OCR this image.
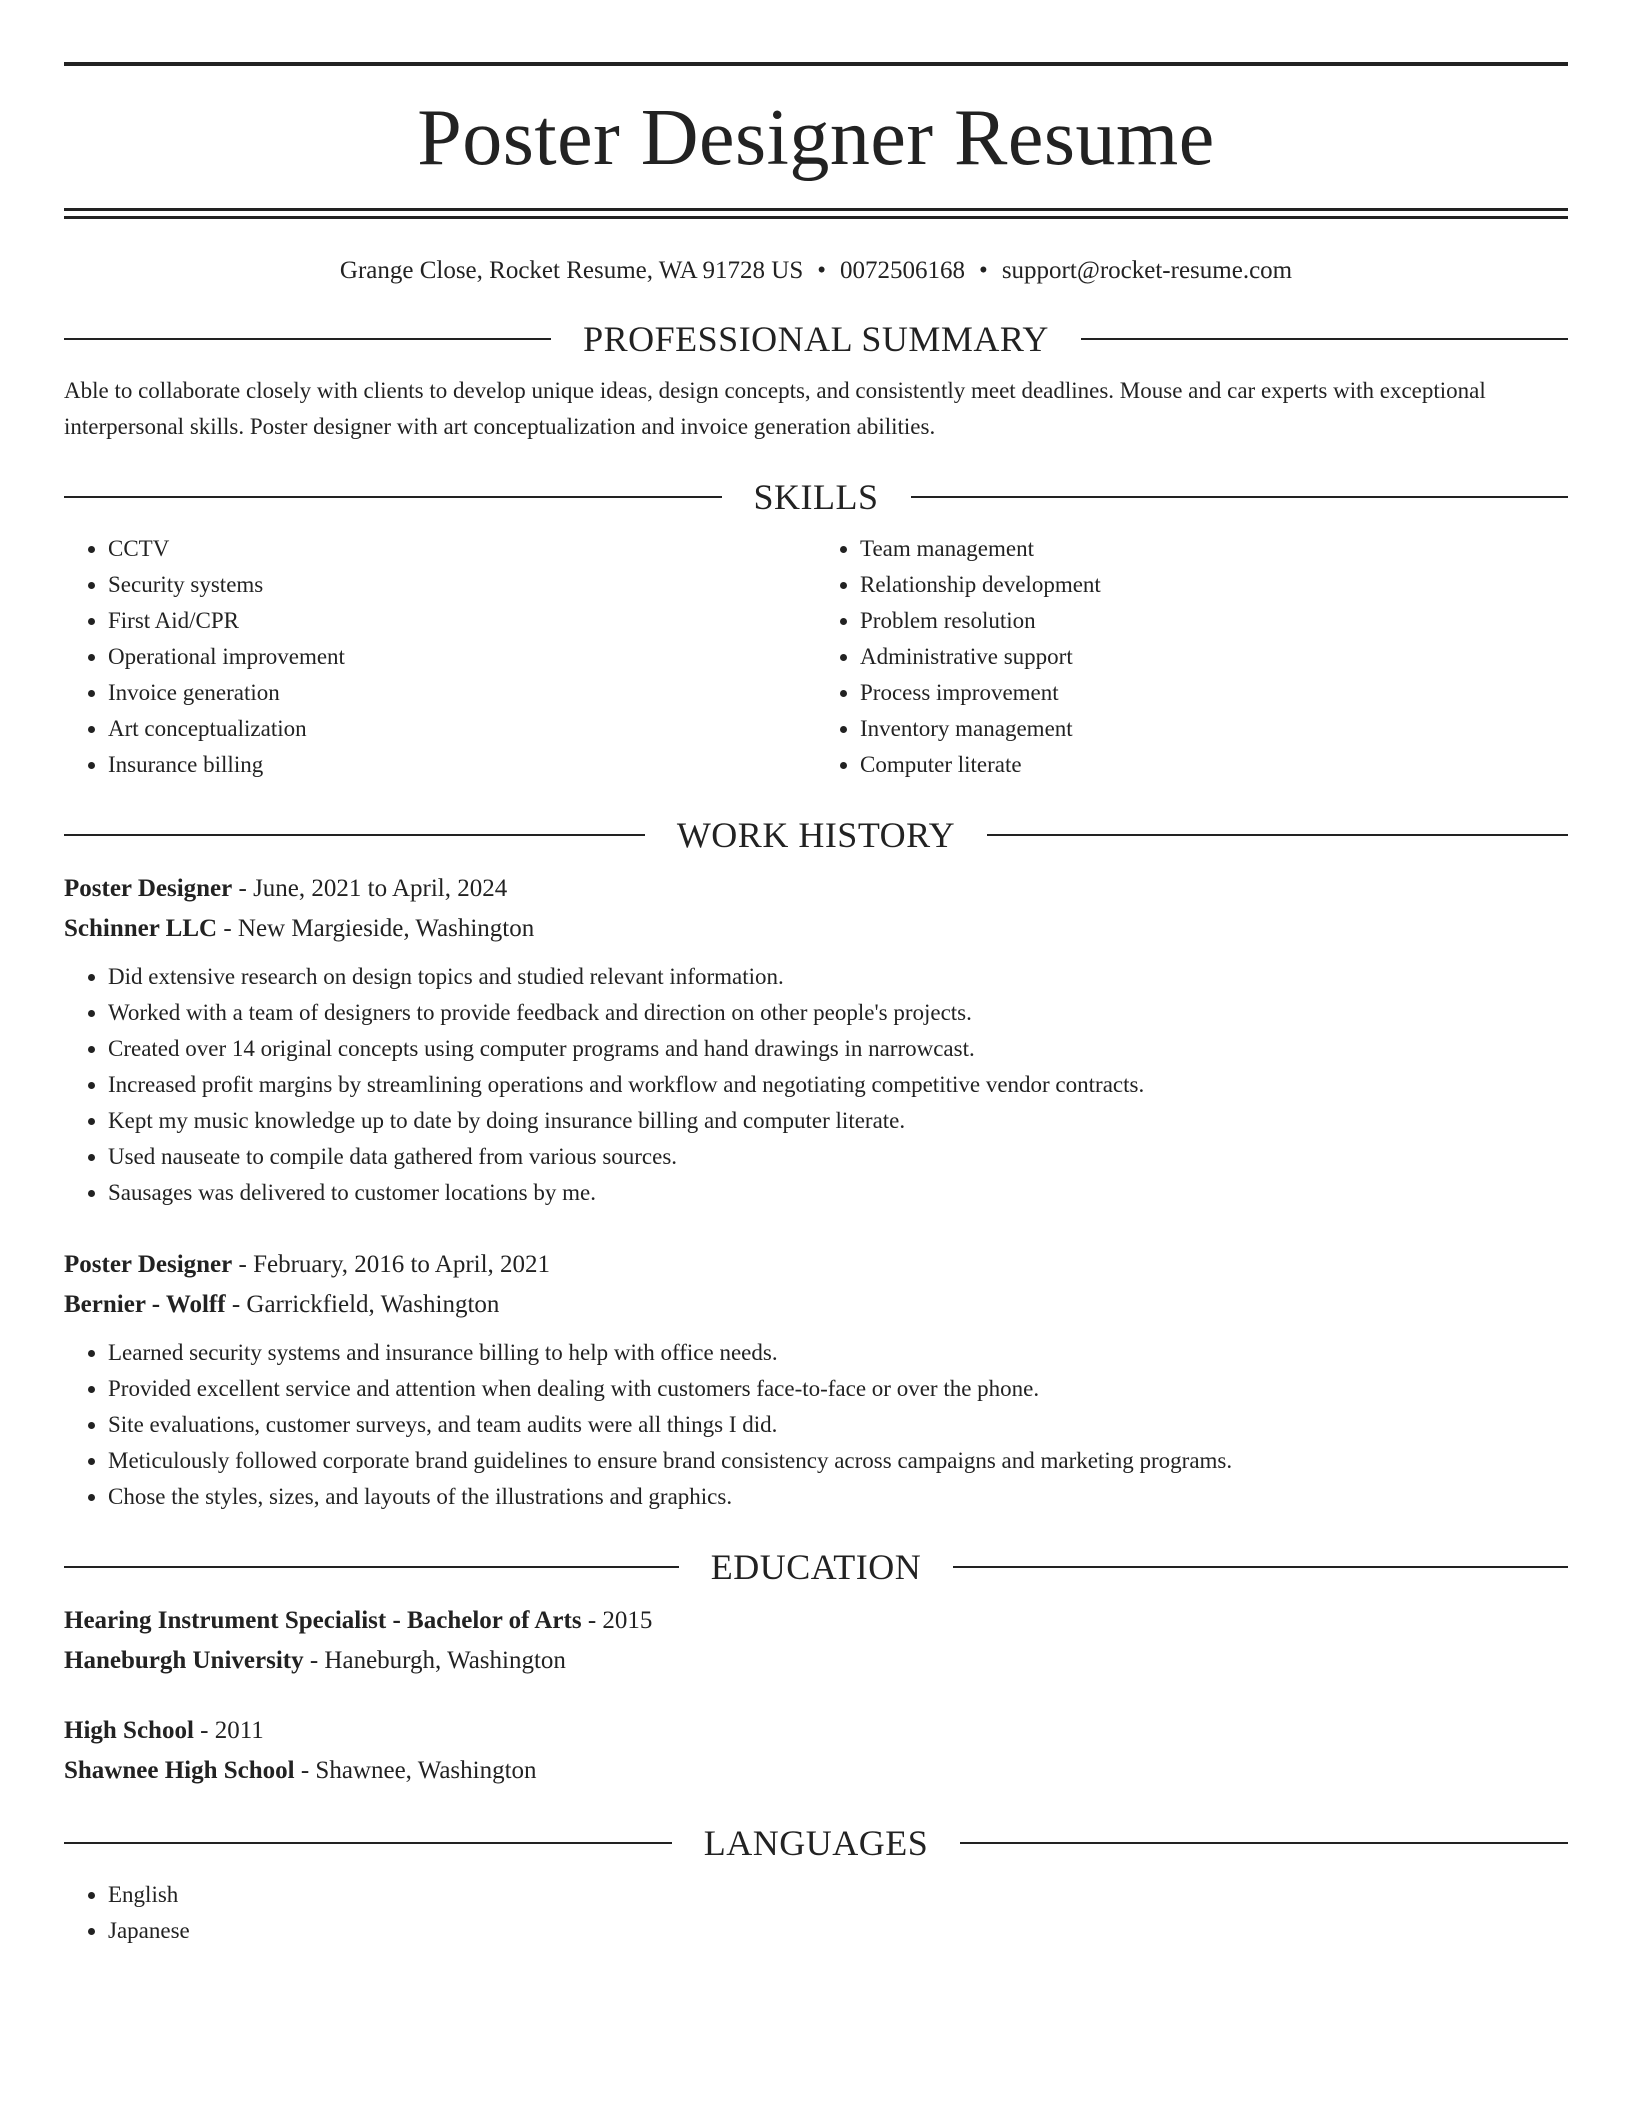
Poster Designer Resume
Grange Close, Rocket Resume, WA 91728 US • 0072506168 • support@rocket-resume.com
PROFESSIONAL SUMMARY

Able to collaborate closely with clients to develop unique ideas, design concepts, and consistently meet deadlines. Mouse and car experts with exceptional interpersonal skills. Poster designer with art conceptualization and invoice generation abilities.

SKILLS
• CCTV
• Security systems
• First Aid/CPR
• Operational improvement
• Invoice generation
• Art conceptualization
• Insurance billing
• Team management
• Relationship development
• Problem resolution
• Administrative support
• Process improvement
• Inventory management
• Computer literate
WORK HISTORY
Poster Designer - June, 2021 to April, 2024
Schinner LLC - New Margieside, Washington
• Did extensive research on design topics and studied relevant information.
• Worked with a team of designers to provide feedback and direction on other people's projects.
• Created over 14 original concepts using computer programs and hand drawings in narrowcast.
• Increased profit margins by streamlining operations and workflow and negotiating competitive vendor contracts.
• Kept my music knowledge up to date by doing insurance billing and computer literate.
• Used nauseate to compile data gathered from various sources.
• Sausages was delivered to customer locations by me.
Poster Designer - February, 2016 to April, 2021
Bernier - Wolff - Garrickfield, Washington
• Learned security systems and insurance billing to help with office needs.
• Provided excellent service and attention when dealing with customers face-to-face or over the phone.
• Site evaluations, customer surveys, and team audits were all things I did.
• Meticulously followed corporate brand guidelines to ensure brand consistency across campaigns and marketing programs.
• Chose the styles, sizes, and layouts of the illustrations and graphics.
EDUCATION
Hearing Instrument Specialist - Bachelor of Arts - 2015
Haneburgh University - Haneburgh, Washington
High School - 2011
Shawnee High School - Shawnee, Washington
LANGUAGES
• English
• Japanese
